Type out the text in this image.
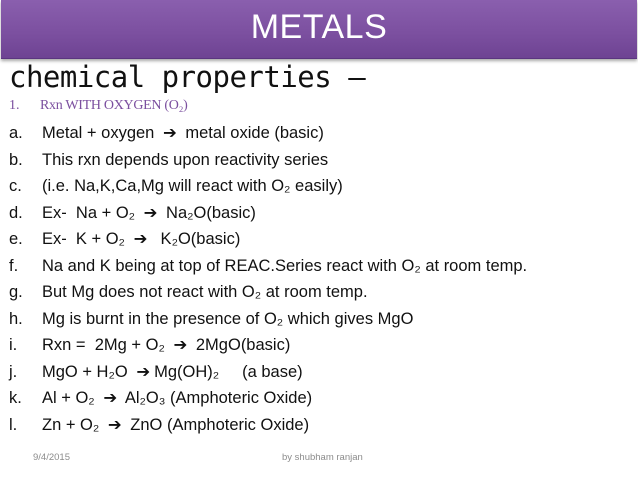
METALS
chemical properties –
1. Rxn WITH OXYGEN (O₂)
a. Metal + oxygen ➔ metal oxide (basic)
b. This rxn depends upon reactivity series
c. (i.e. Na,K,Ca,Mg will react with O₂ easily)
d. Ex-  Na + O₂ ➔ Na₂O(basic)
e. Ex-  K + O₂ ➔  K₂O(basic)
f. Na and K being at top of REAC.Series react with O₂ at room temp.
g. But Mg does not react with O₂ at room temp.
h. Mg is burnt in the presence of O₂ which gives MgO
i. Rxn =  2Mg + O₂ ➔ 2MgO(basic)
j. MgO + H₂O ➔ Mg(OH)₂     (a base)
k. Al + O₂ ➔ Al₂O₃ (Amphoteric Oxide)
l. Zn + O₂ ➔ ZnO (Amphoteric Oxide)
9/4/2015	by shubham ranjan
